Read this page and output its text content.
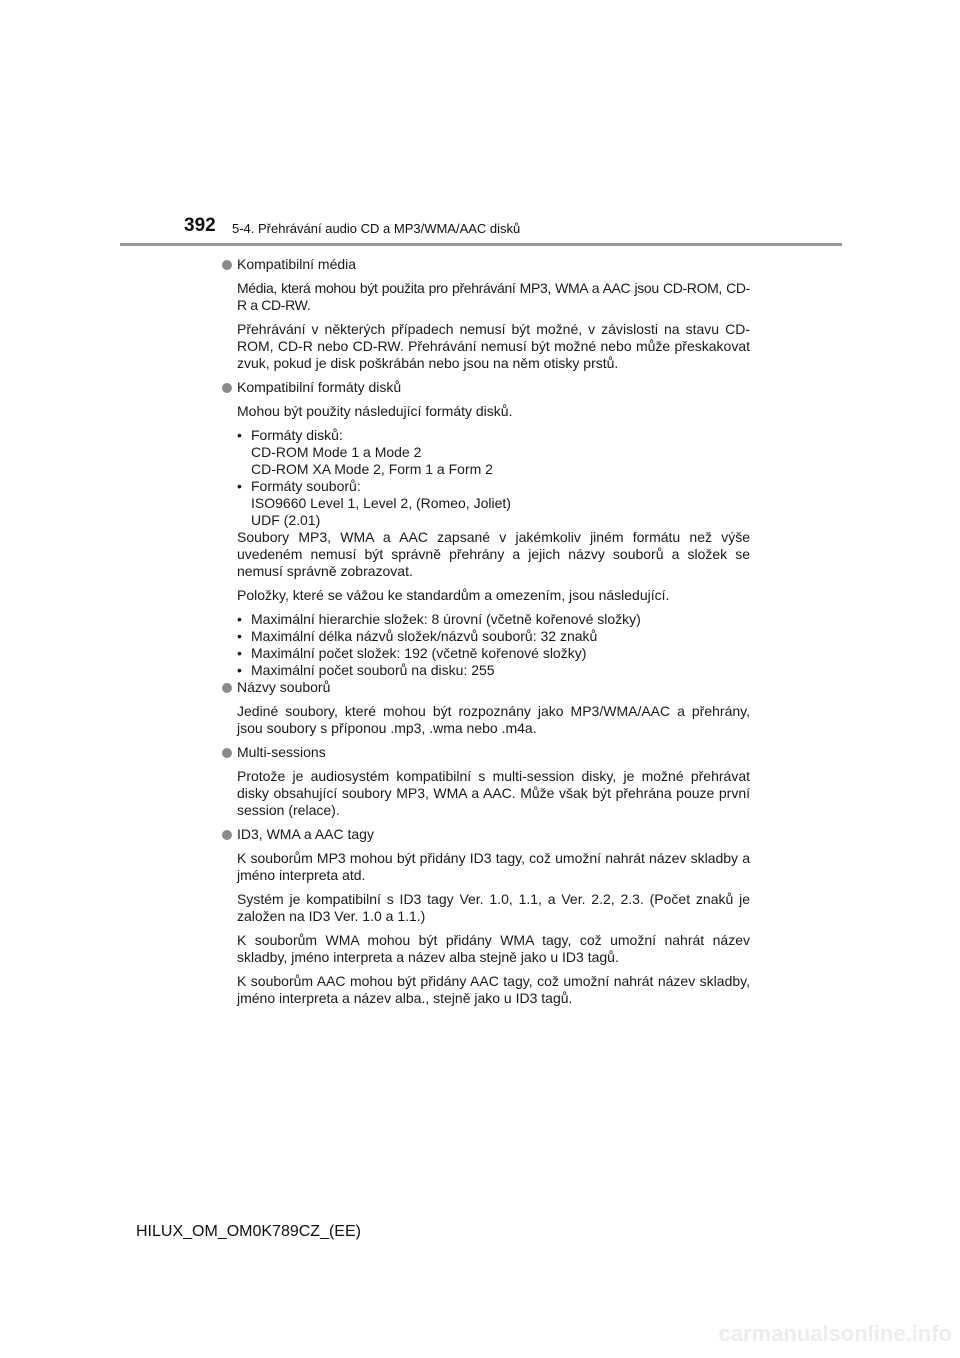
392 5-4. Přehrávání audio CD a MP3/WMA/AAC disků
Kompatibilní média

Média, která mohou být použita pro přehrávání MP3, WMA a AAC jsou CD-ROM, CD-R a CD-RW.

Přehrávání v některých případech nemusí být možné, v závislosti na stavu CD-ROM, CD-R nebo CD-RW. Přehrávání nemusí být možné nebo může přeskakovat zvuk, pokud je disk poškrábán nebo jsou na něm otisky prstů.

Kompatibilní formáty disků

Mohou být použity následující formáty disků.

• Formáty disků:
CD-ROM Mode 1 a Mode 2
CD-ROM XA Mode 2, Form 1 a Form 2
• Formáty souborů:
ISO9660 Level 1, Level 2, (Romeo, Joliet)
UDF (2.01)

Soubory MP3, WMA a AAC zapsané v jakémkoliv jiném formátu než výše uvedeném nemusí být správně přehrány a jejich názvy souborů a složek se nemusí správně zobrazovat.

Položky, které se vážou ke standardům a omezením, jsou následující.

• Maximální hierarchie složek: 8 úrovní (včetně kořenové složky)
• Maximální délka názvů složek/názvů souborů: 32 znaků
• Maximální počet složek: 192 (včetně kořenové složky)
• Maximální počet souborů na disku: 255
Názvy souborů

Jediné soubory, které mohou být rozpoznány jako MP3/WMA/AAC a přehrány, jsou soubory s příponou .mp3, .wma nebo .m4a.

Multi-sessions

Protože je audiosystém kompatibilní s multi-session disky, je možné přehrávat disky obsahující soubory MP3, WMA a AAC. Může však být přehrána pouze první session (relace).

ID3, WMA a AAC tagy

K souborům MP3 mohou být přidány ID3 tagy, což umožní nahrát název skladby a jméno interpreta atd.

Systém je kompatibilní s ID3 tagy Ver. 1.0, 1.1, a Ver. 2.2, 2.3. (Počet znaků je založen na ID3 Ver. 1.0 a 1.1.)

K souborům WMA mohou být přidány WMA tagy, což umožní nahrát název skladby, jméno interpreta a název alba stejně jako u ID3 tagů.

K souborům AAC mohou být přidány AAC tagy, což umožní nahrát název skladby, jméno interpreta a název alba., stejně jako u ID3 tagů.

HILUX_OM_OM0K789CZ_(EE)
carmanualsonline.info
